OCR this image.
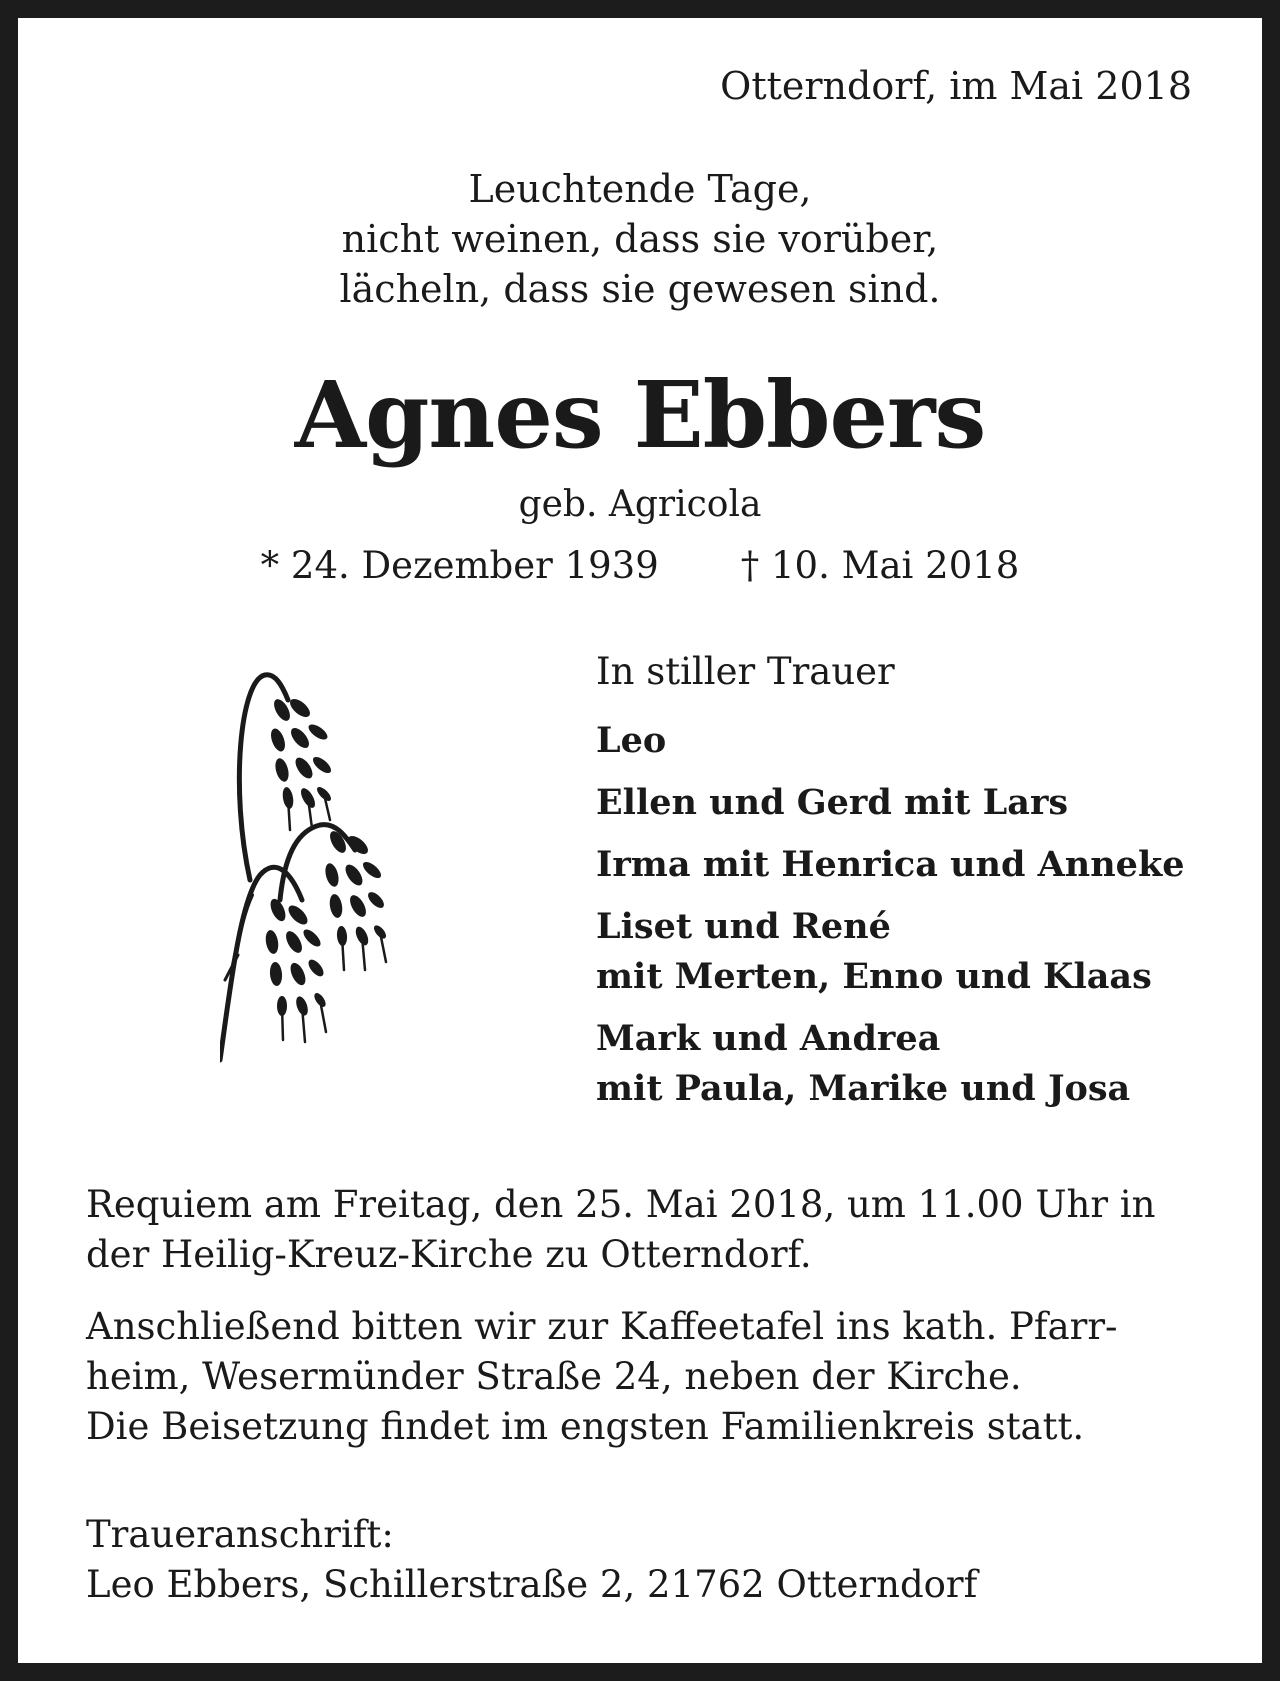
Otterndorf, im Mai 2018
Leuchtende Tage,
nicht weinen, dass sie vorüber,
lächeln, dass sie gewesen sind.
Agnes Ebbers
geb. Agricola
* 24. Dezember 1939 † 10. Mai 2018
In stiller Trauer
Leo
Ellen und Gerd mit Lars
Irma mit Henrica und Anneke
Liset und René
mit Merten, Enno und Klaas
Mark und Andrea
mit Paula, Marike und Josa
Requiem am Freitag, den 25. Mai 2018, um 11.00 Uhr in
der Heilig-Kreuz-Kirche zu Otterndorf.
Anschließend bitten wir zur Kaffeetafel ins kath. Pfarr-
heim, Wesermünder Straße 24, neben der Kirche.
Die Beisetzung findet im engsten Familienkreis statt.
Traueranschrift:
Leo Ebbers, Schillerstraße 2, 21762 Otterndorf
